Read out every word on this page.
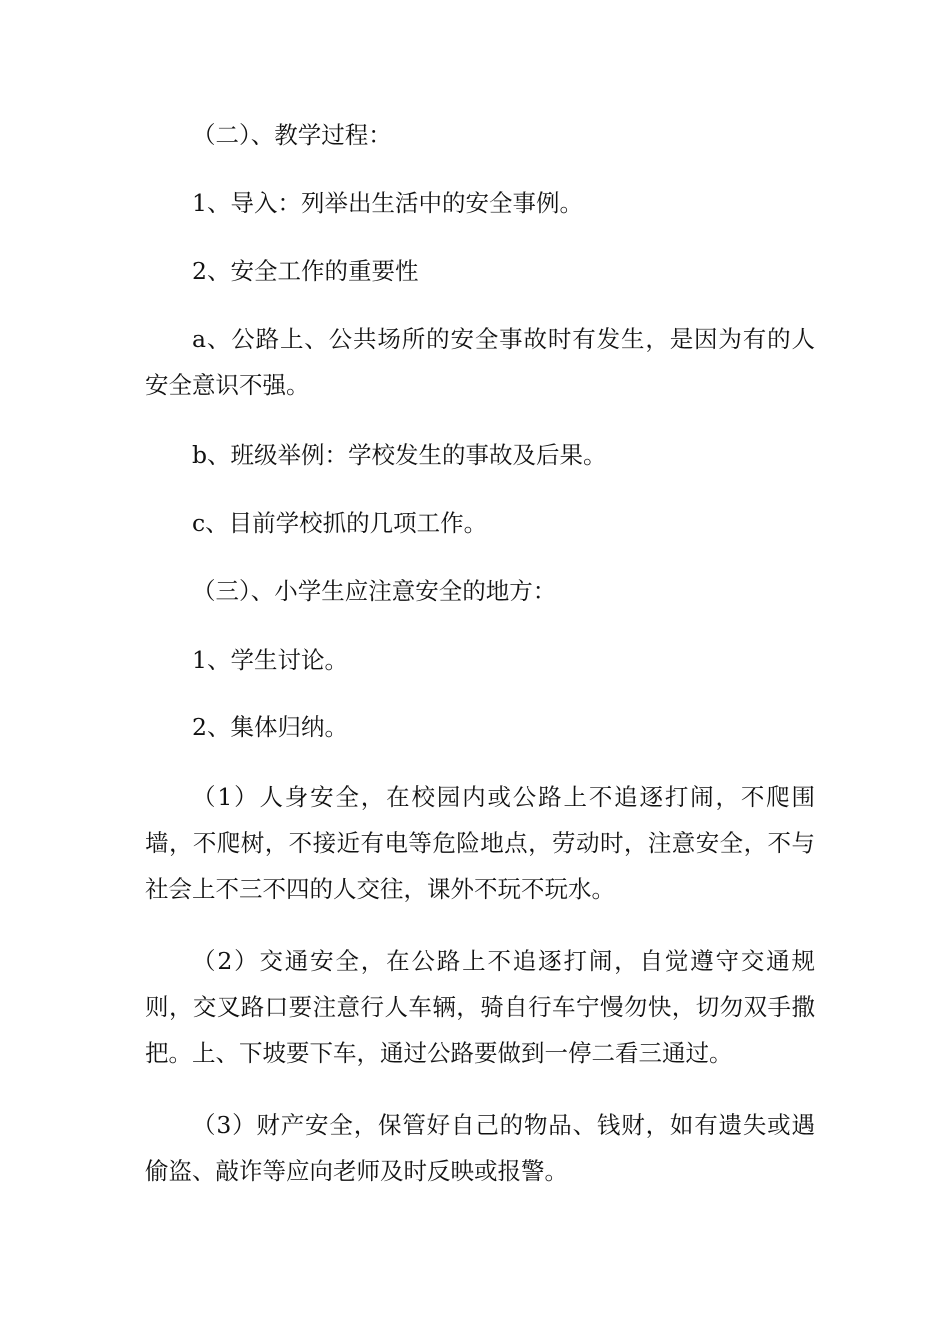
（二）、教学过程：

1、导入：列举出生活中的安全事例。

2、安全工作的重要性

a、公路上、公共场所的安全事故时有发生，是因为有的人安全意识不强。

b、班级举例：学校发生的事故及后果。

c、目前学校抓的几项工作。

（三）、小学生应注意安全的地方：

1、学生讨论。

2、集体归纳。

（1）人身安全，在校园内或公路上不追逐打闹，不爬围墙，不爬树，不接近有电等危险地点，劳动时，注意安全，不与社会上不三不四的人交往，课外不玩不玩水。

（2）交通安全，在公路上不追逐打闹，自觉遵守交通规则，交叉路口要注意行人车辆，骑自行车宁慢勿快，切勿双手撒把。上、下坡要下车，通过公路要做到一停二看三通过。

（3）财产安全，保管好自己的物品、钱财，如有遗失或遇偷盗、敲诈等应向老师及时反映或报警。
